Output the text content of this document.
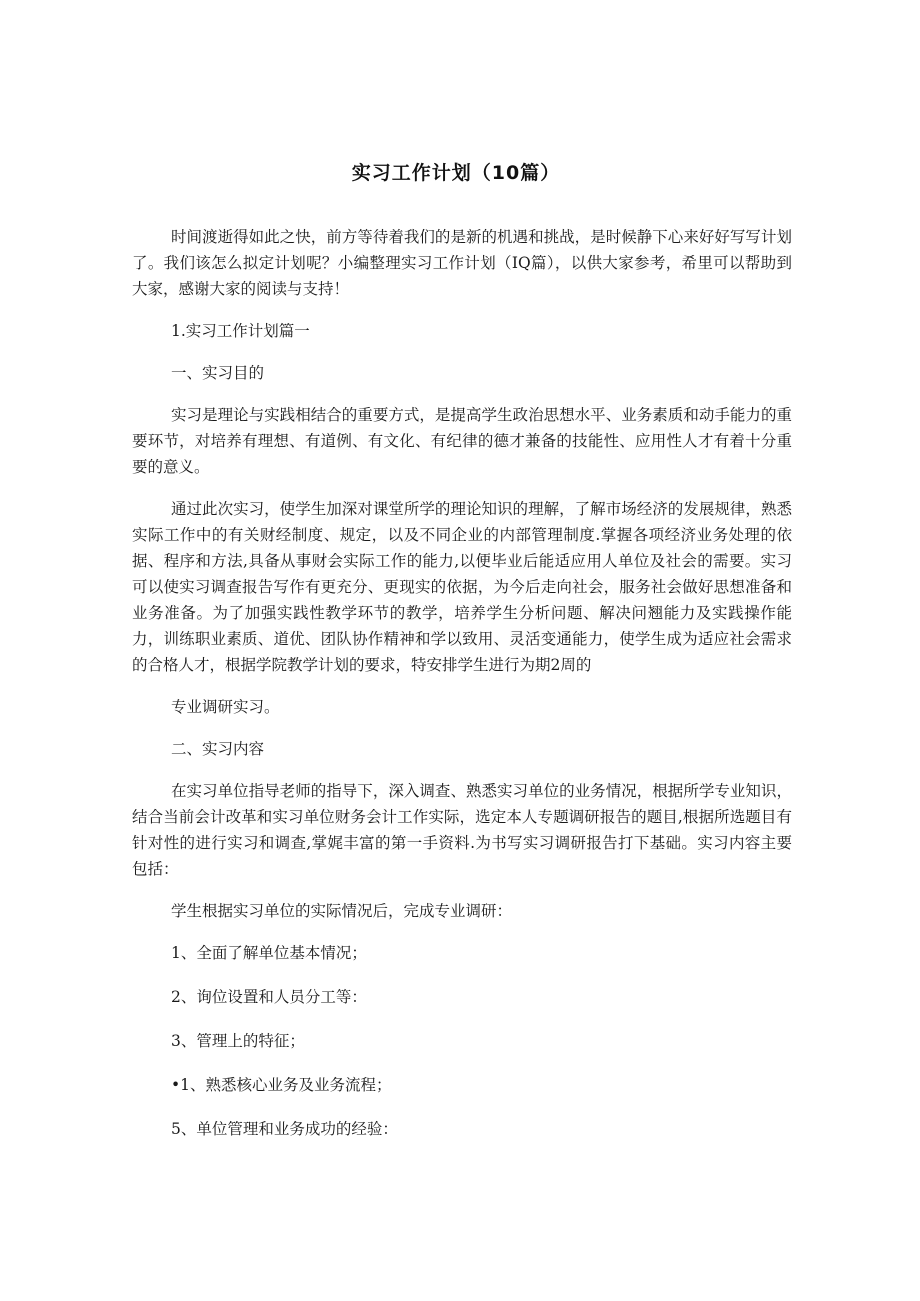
实习工作计划（10篇）

时间渡逝得如此之快，前方等待着我们的是新的机遇和挑战，是时候静下心来好好写写计划了。我们该怎么拟定计划呢？小编整理实习工作计划（IQ篇），以供大家参考，希里可以帮助到大家，感谢大家的阅读与支持！

1.实习工作计划篇一
一、实习目的

实习是理论与实践相结合的重要方式，是提高学生政治思想水平、业务素质和动手能力的重要环节，对培养有理想、有道例、有文化、有纪律的德才兼备的技能性、应用性人才有着十分重要的意义。

通过此次实习，使学生加深对课堂所学的理论知识的理解，了解市场经济的发展规律，熟悉实际工作中的有关财经制度、规定，以及不同企业的内部管理制度.掌握各项经济业务处理的依据、程序和方法,具备从事财会实际工作的能力,以便毕业后能适应用人单位及社会的需要。实习可以使实习调查报告写作有更充分、更现实的依据，为今后走向社会，服务社会做好思想准备和业务准备。为了加强实践性教学环节的教学，培养学生分析问题、解决问翘能力及实践操作能力，训练职业素质、道优、团队协作精神和学以致用、灵活变通能力，使学生成为适应社会需求的合格人才，根据学院教学计划的要求，特安排学生进行为期2周的

专业调研实习。
二、实习内容

在实习单位指导老师的指导下，深入调查、熟悉实习单位的业务情况，根据所学专业知识，结合当前会计改革和实习单位财务会计工作实际，选定本人专题调研报告的题目,根据所选题目有针对性的进行实习和调查,掌娓丰富的第一手资料.为书写实习调研报告打下基础。实习内容主要包括：

学生根据实习单位的实际情况后，完成专业调研：
1、全面了解单位基本情况；
2、询位设置和人员分工等：
3、管理上的特征；
•1、熟悉核心业务及业务流程；
5、单位管理和业务成功的经验：
